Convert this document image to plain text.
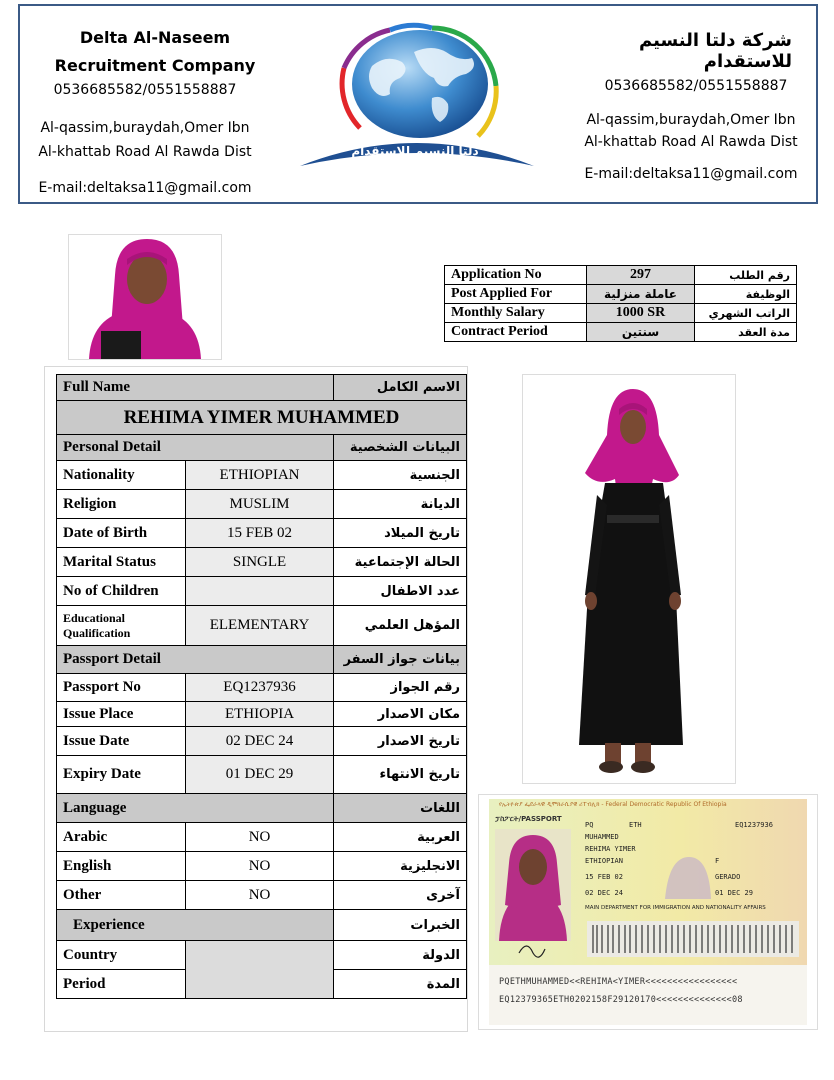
Delta Al-Naseem
Recruitment Company
0536685582/0551558887
Al-qassim,buraydah,Omer Ibn
Al-khattab Road Al Rawda Dist
E-mail:deltaksa11@gmail.com
دلتا النسيم للاستقدام
شركة دلتا النسيم للاستقدام
0536685582/0551558887
Al-qassim,buraydah,Omer Ibn
Al-khattab Road Al Rawda Dist
E-mail:deltaksa11@gmail.com
Application No	297	رقم الطلب
Post Applied For	عاملة منزلية	الوظيفة
Monthly Salary	1000 SR	الراتب الشهري
Contract Period	سنتين	مدة العقد
Full Name		الاسم الكامل
REHIMA YIMER MUHAMMED		
Personal Detail		البيانات الشخصية
Nationality	ETHIOPIAN	الجنسية
Religion	MUSLIM	الديانة
Date of Birth	15 FEB 02	تاريخ الميلاد
Marital Status	SINGLE	الحالة الإجتماعية
No of Children		عدد الاطفال
Educational Qualification	ELEMENTARY	المؤهل العلمي
Passport Detail		بيانات جواز السفر
Passport No	EQ1237936	رقم الجواز
Issue Place	ETHIOPIA	مكان الاصدار
Issue Date	02 DEC 24	تاريخ الاصدار
Expiry Date	01 DEC 29	تاريخ الانتهاء
Language		اللغات
Arabic	NO	العربية
English	NO	الانجليزية
Other	NO	آخرى
Experience		الخبرات
Country		الدولة
Period		المدة
የኢትዮጵያ ፌደራላዊ ዲሞክራሲያዊ ሪፐብሊክ - Federal Democratic Republic Of Ethiopia
ፓስፖርት/PASSPORT
PQ	ETH	EQ1237936
MUHAMMED
REHIMA YIMER
ETHIOPIAN	F
15 FEB 02	GERADO
02 DEC 24	01 DEC 29
MAIN DEPARTMENT FOR IMMIGRATION AND NATIONALITY AFFAIRS
PQETHMUHAMMED<<REHIMA<YIMER<<<<<<<<<<<<<<<<<
EQ12379365ETH0202158F29120170<<<<<<<<<<<<<<08
